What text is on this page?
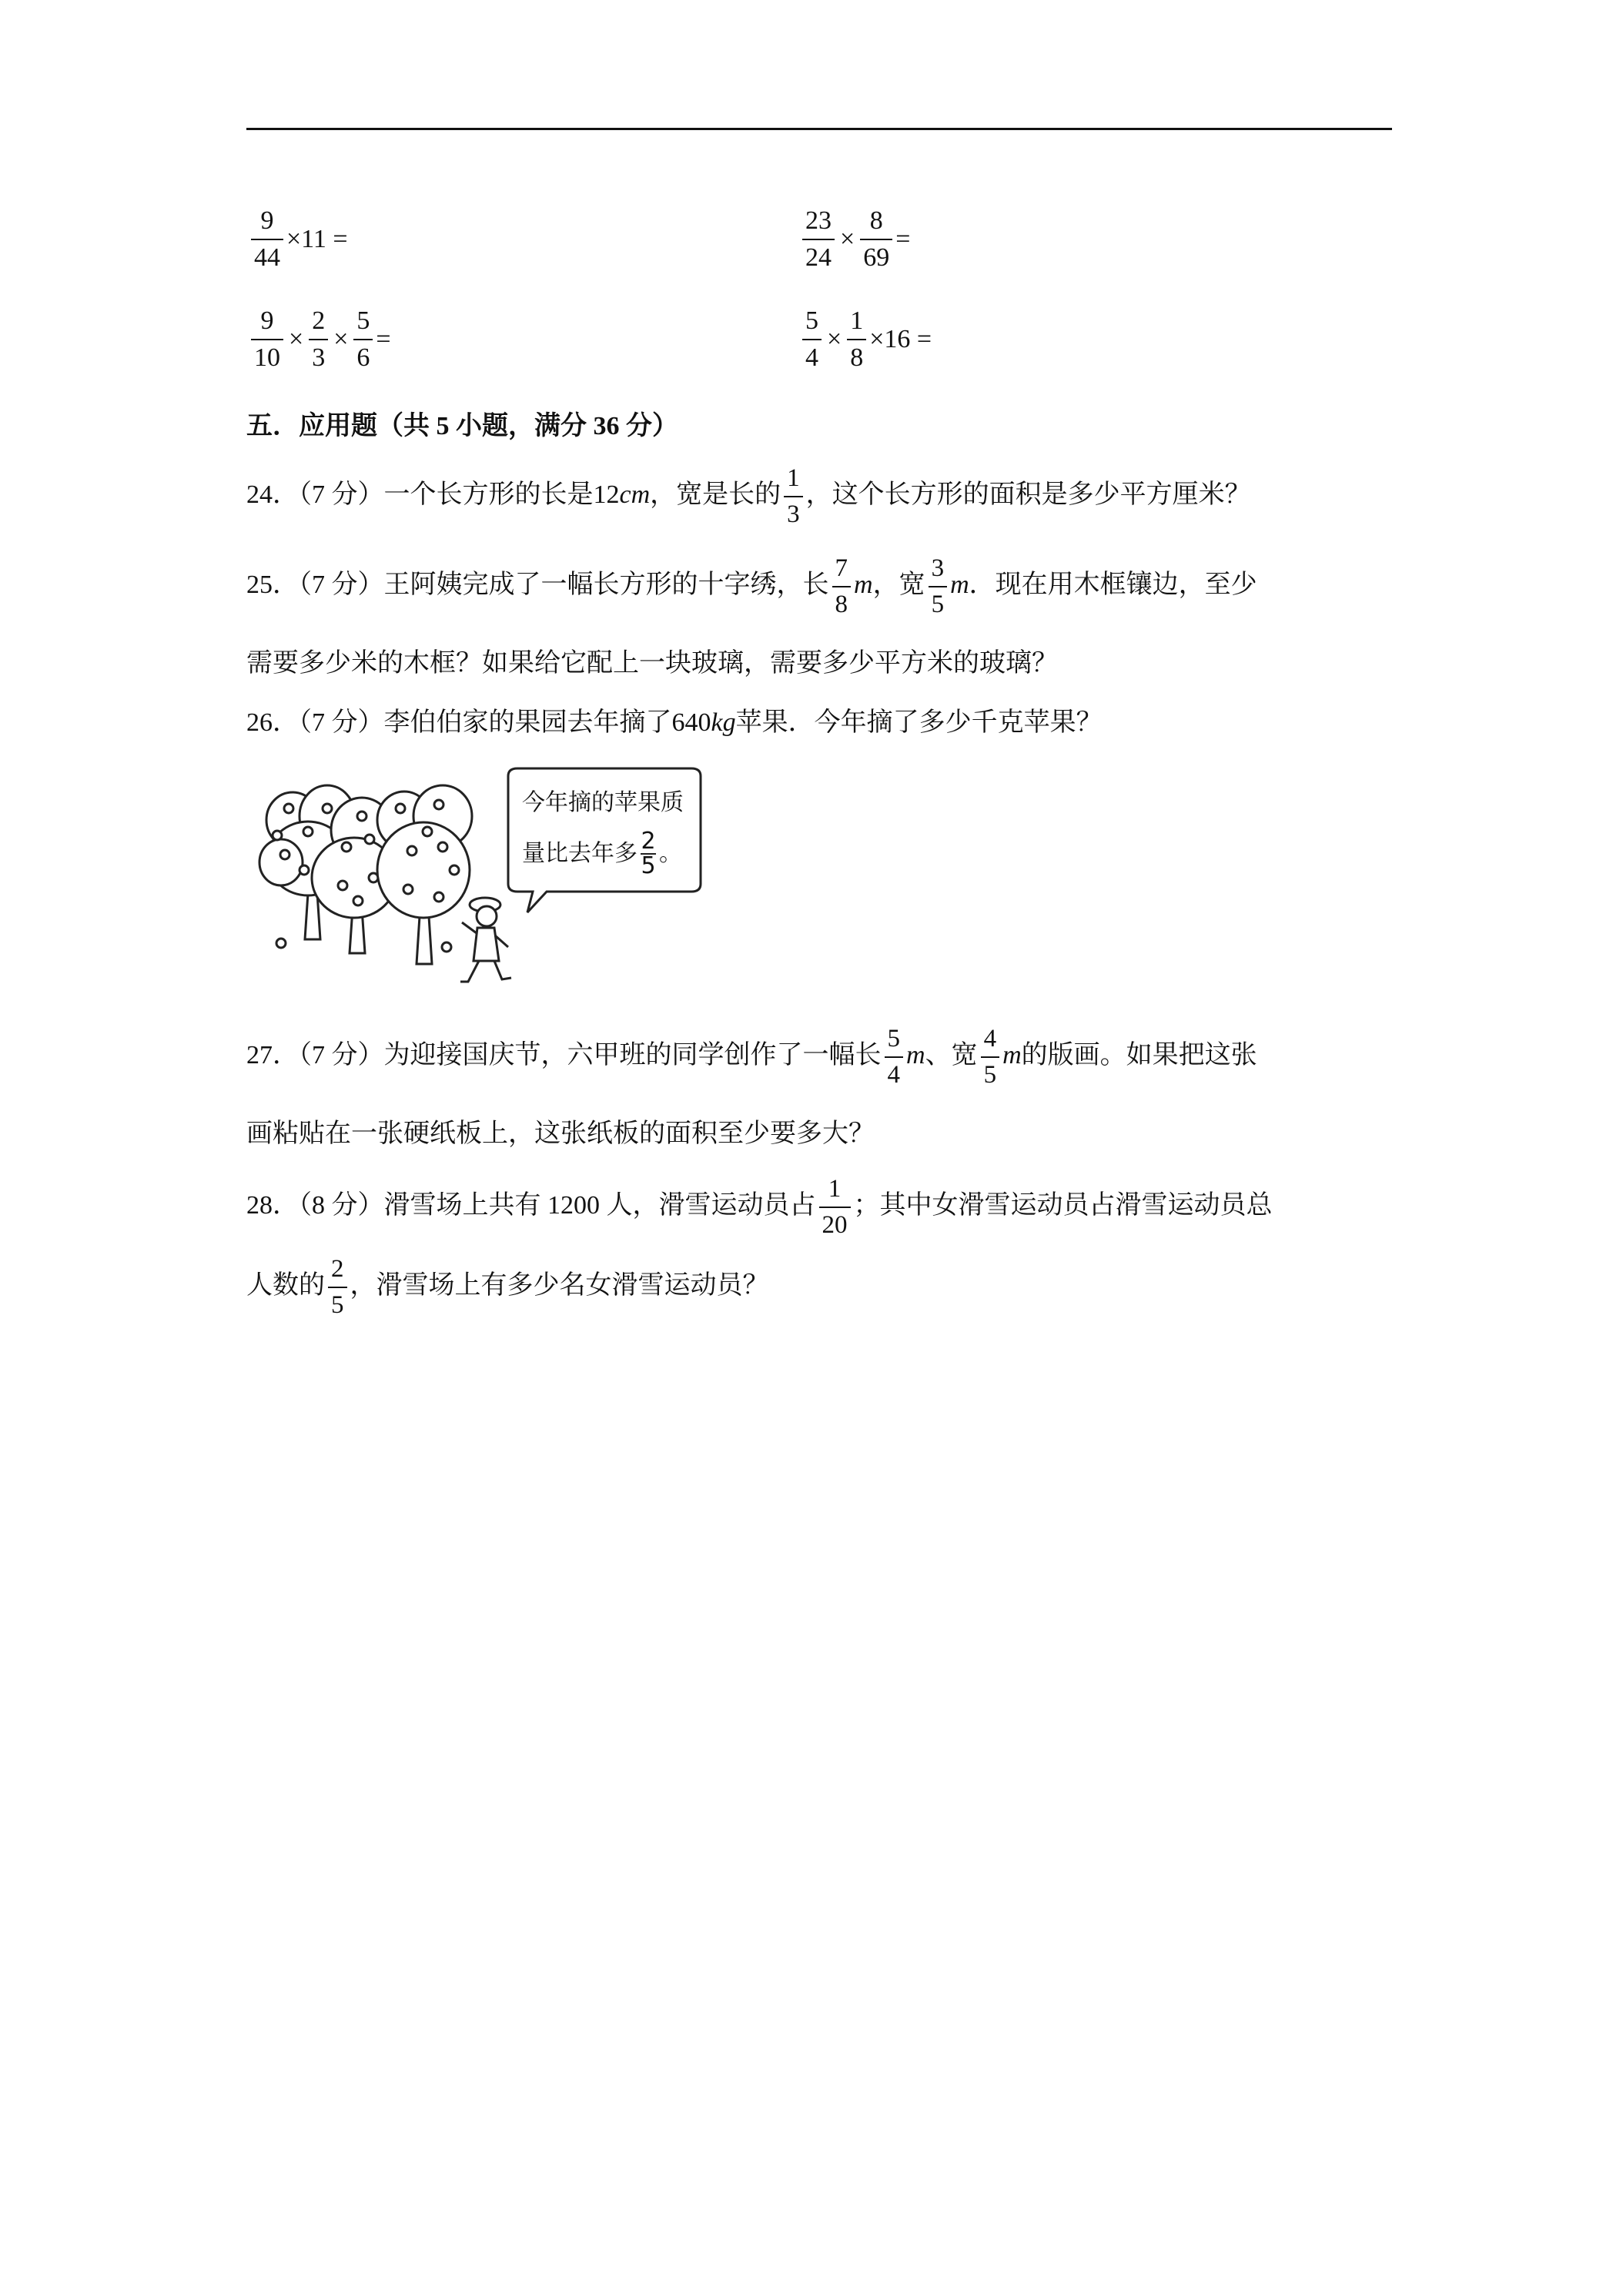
$\frac{9}{44} \times 11$ =	$\frac{23}{24} \times \frac{8}{69}$ =
$\frac{9}{10} \times \frac{2}{3} \times \frac{5}{6}$ =	$\frac{5}{4} \times \frac{1}{8} \times 16$ =
五．应用题（共 5 小题，满分 36 分）
24．（7 分）一个长方形的长是12cm，宽是长的 $\frac{1}{3}$ ，这个长方形的面积是多少平方厘米？
25．（7 分）王阿姨完成了一幅长方形的十字绣，长 $\frac{7}{8}$ m，宽 $\frac{3}{5}$ m．现在用木框镶边，至少
需要多少米的木框？如果给它配上一块玻璃，需要多少平方米的玻璃？
26．（7 分）李伯伯家的果园去年摘了640kg苹果．今年摘了多少千克苹果？
今年摘的苹果质
量比去年多 2
5 。
27．（7 分）为迎接国庆节，六甲班的同学创作了一幅长 $\frac{5}{4}$ m、宽 $\frac{4}{5}$ m的版画。如果把这张
画粘贴在一张硬纸板上，这张纸板的面积至少要多大？
28．（8 分）滑雪场上共有 1200 人，滑雪运动员占 $\frac{1}{20}$ ；其中女滑雪运动员占滑雪运动员总
人数的 $\frac{2}{5}$ ，滑雪场上有多少名女滑雪运动员？
